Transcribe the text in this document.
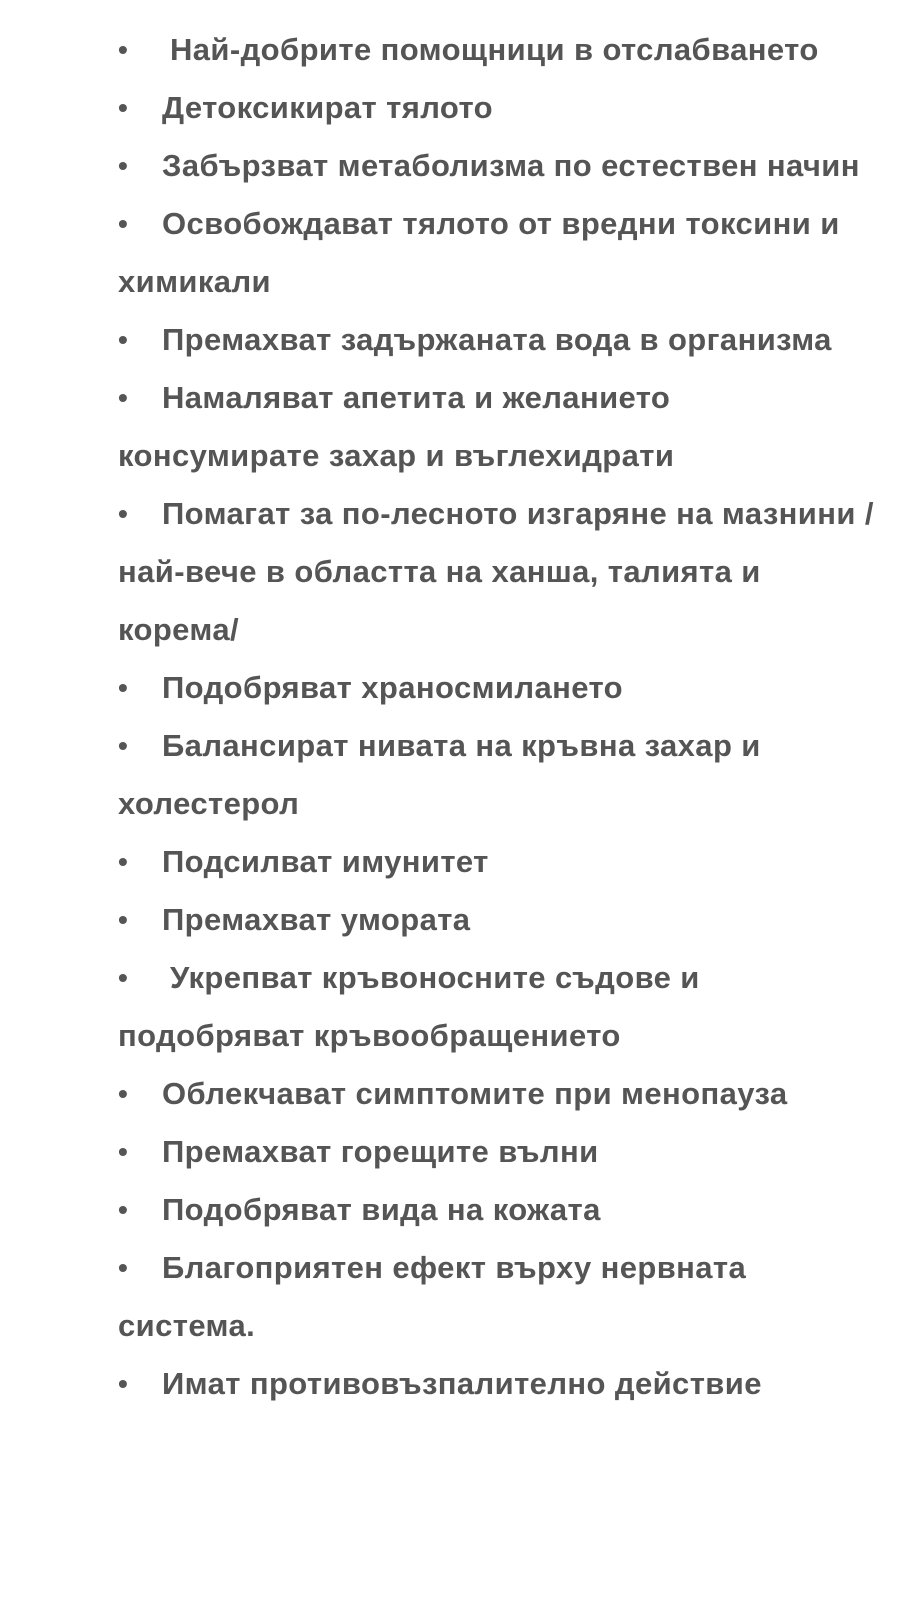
• Най-добрите помощници в отслабването
• Детоксикират тялото
• Забързват метаболизма по естествен начин
• Освобождават тялото от вредни токсини и химикали
• Премахват задържаната вода в организма
• Намаляват апетита и желанието консумирате захар и въглехидрати
• Помагат за по-лесното изгаряне на мазнини /най-вече в областта на ханша, талията и корема/
• Подобряват храносмилането
• Балансират нивата на кръвна захар и холестерол
• Подсилват имунитет
• Премахват умората
• Укрепват кръвоносните съдове и подобряват кръвообращението
• Облекчават симптомите при менопауза
• Премахват горещите вълни
• Подобряват вида на кожата
• Благоприятен ефект върху нервната система.
• Имат противовъзпалително действие
